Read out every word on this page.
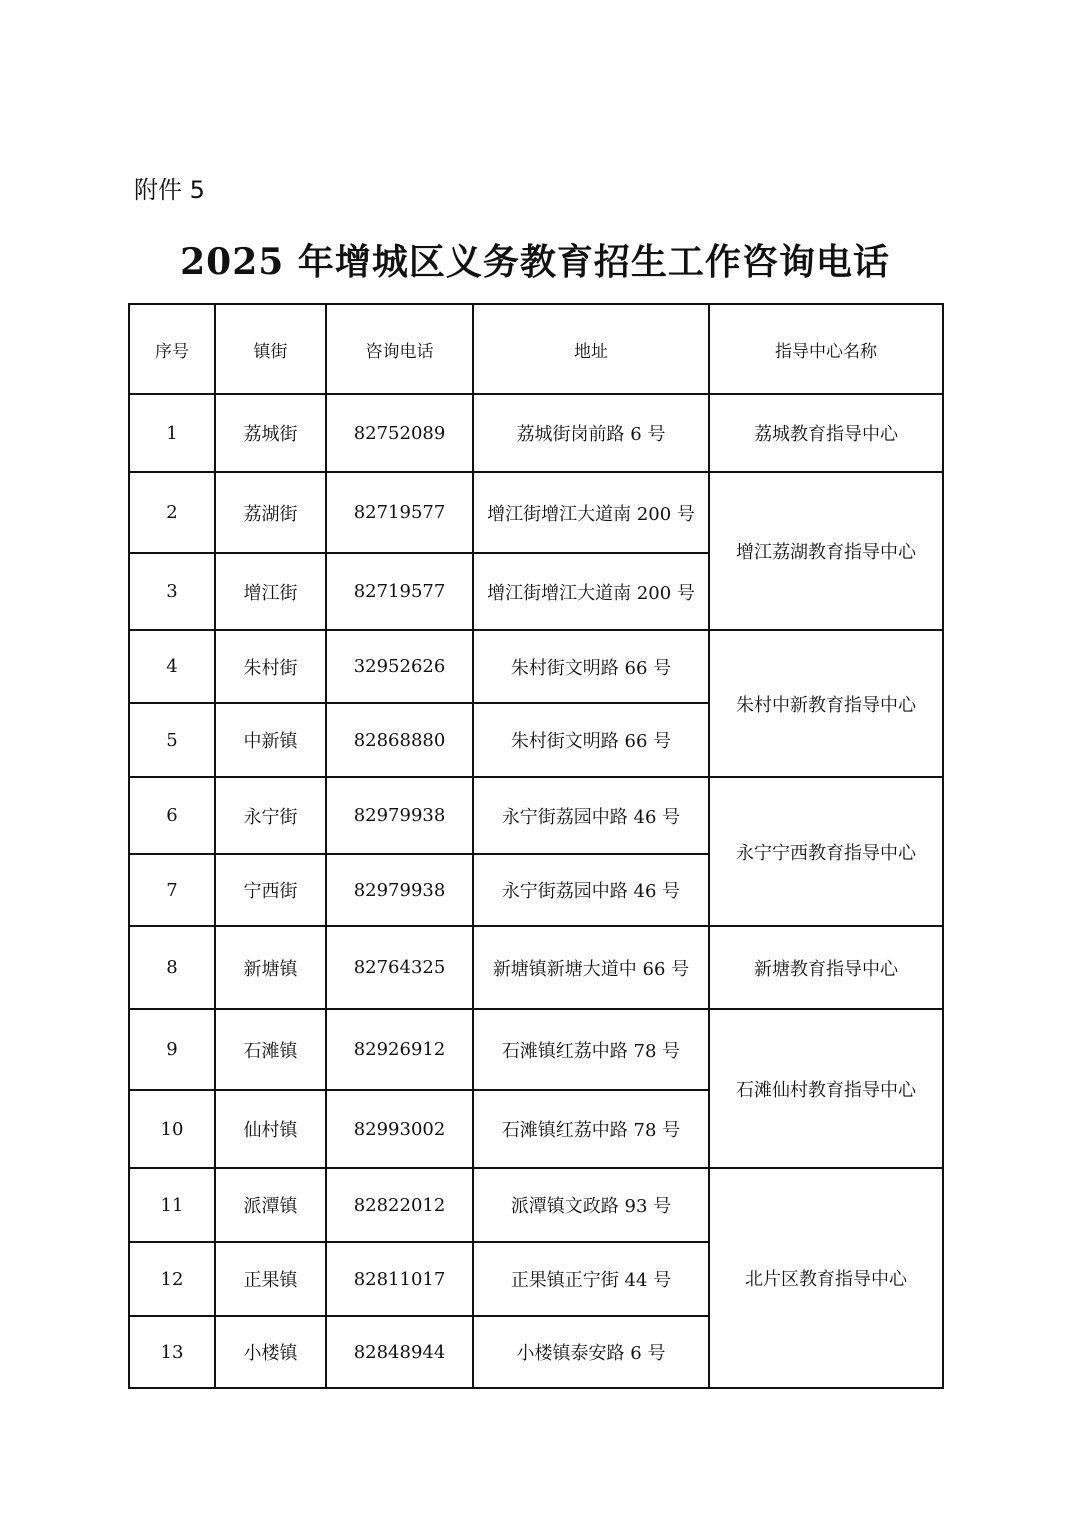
附件 5
2025 年增城区义务教育招生工作咨询电话
序号	镇街	咨询电话	地址	指导中心名称
1	荔城街	82752089	荔城街岗前路 6 号	荔城教育指导中心
2	荔湖街	82719577	增江街增江大道南 200 号	增江荔湖教育指导中心
3	增江街	82719577	增江街增江大道南 200 号	
4	朱村街	32952626	朱村街文明路 66 号	朱村中新教育指导中心
5	中新镇	82868880	朱村街文明路 66 号	
6	永宁街	82979938	永宁街荔园中路 46 号	永宁宁西教育指导中心
7	宁西街	82979938	永宁街荔园中路 46 号	
8	新塘镇	82764325	新塘镇新塘大道中 66 号	新塘教育指导中心
9	石滩镇	82926912	石滩镇红荔中路 78 号	石滩仙村教育指导中心
10	仙村镇	82993002	石滩镇红荔中路 78 号	
11	派潭镇	82822012	派潭镇文政路 93 号	北片区教育指导中心
12	正果镇	82811017	正果镇正宁街 44 号	
13	小楼镇	82848944	小楼镇泰安路 6 号	
